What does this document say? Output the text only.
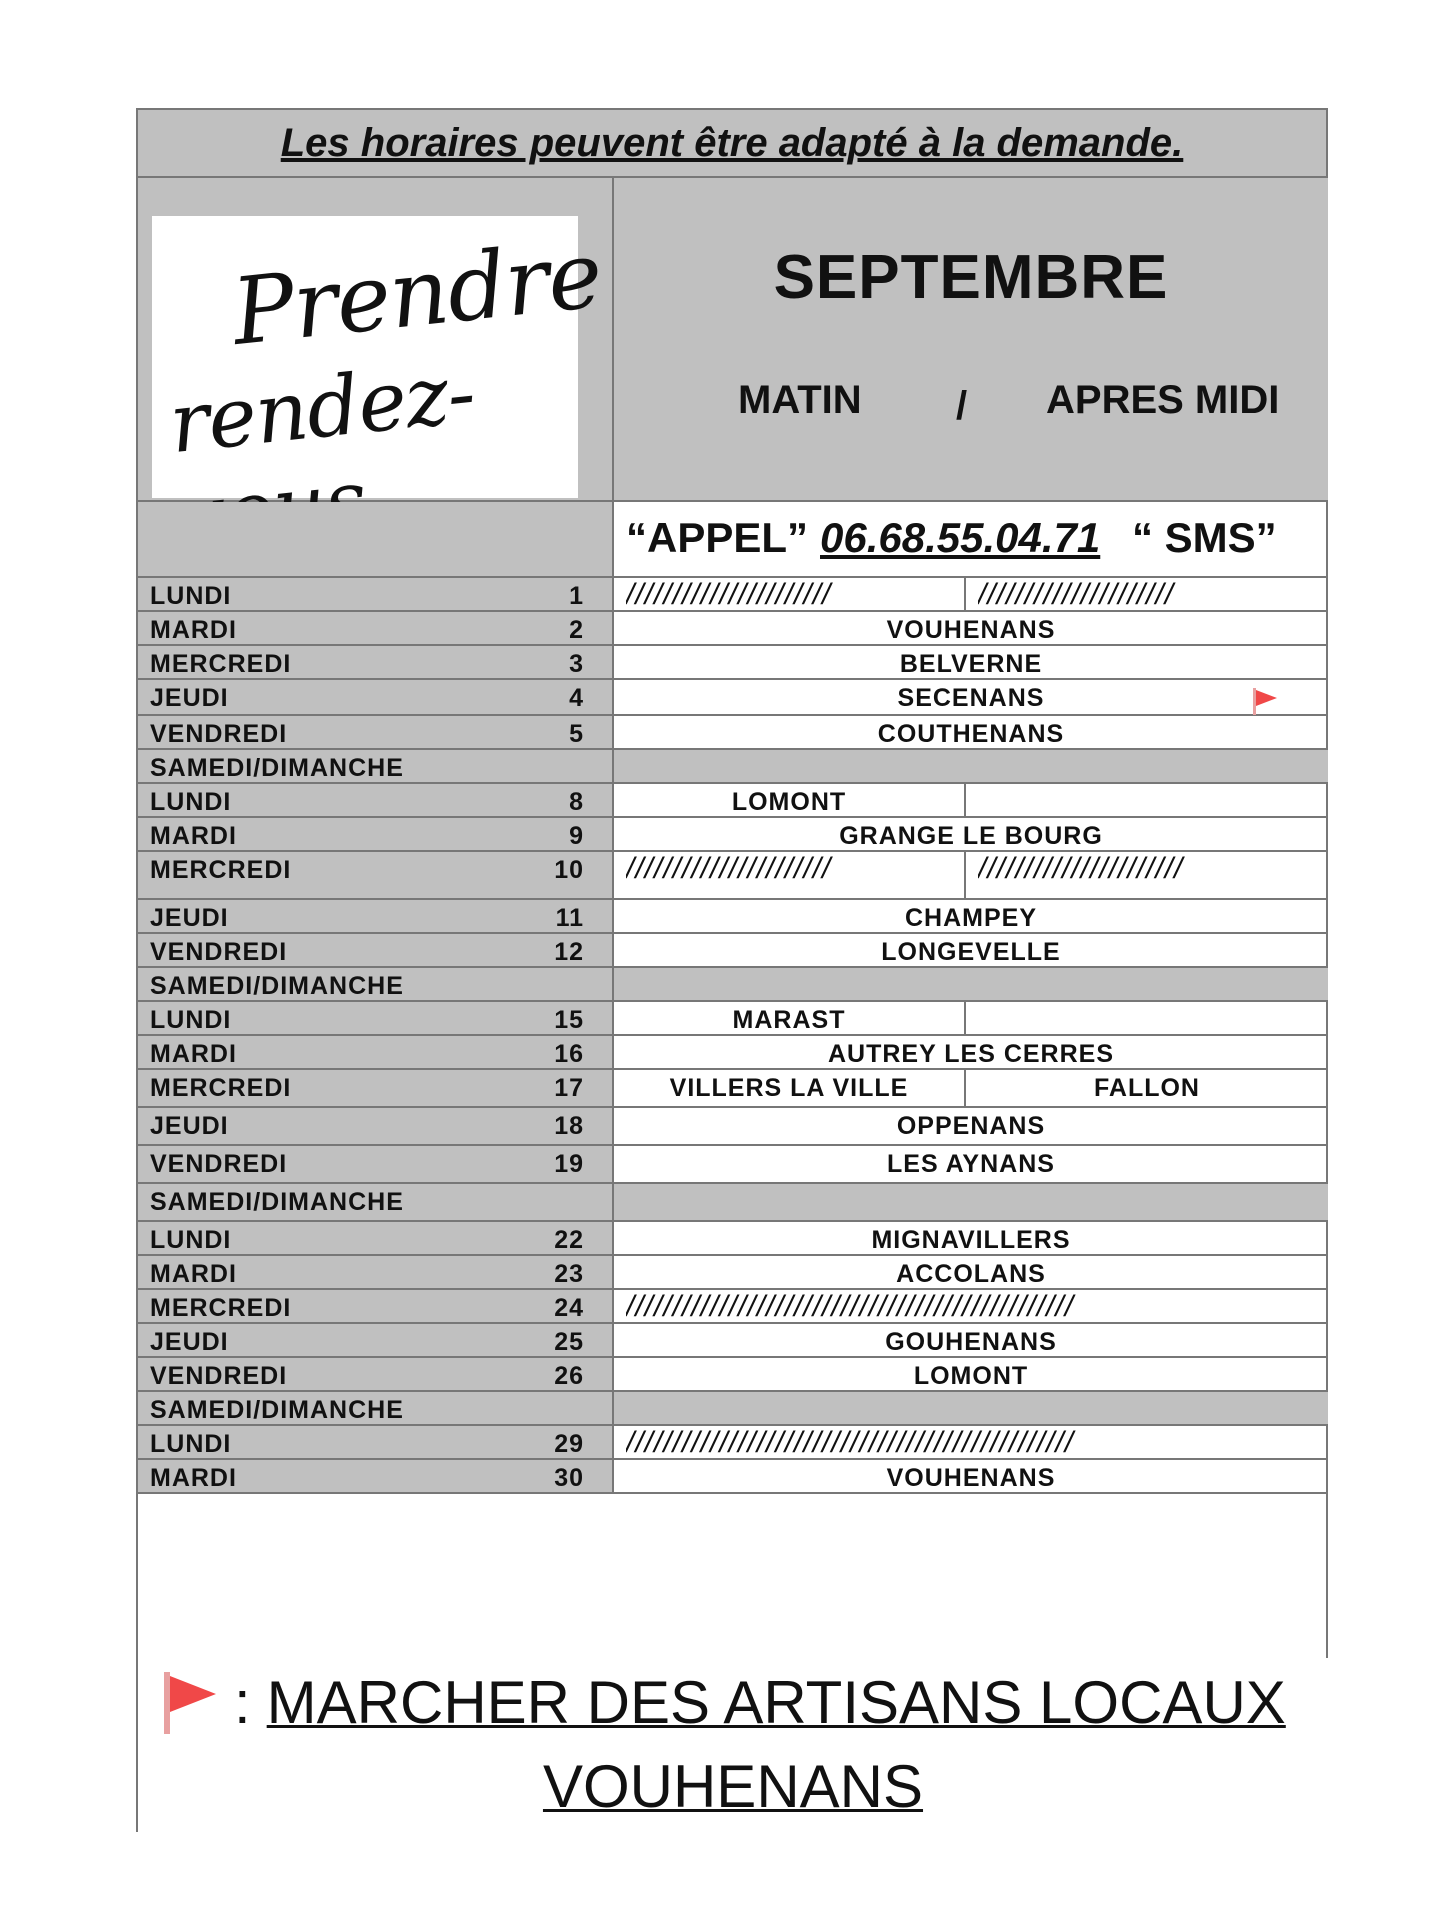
Les horaires peuvent être adapté à la demande.
Prendre
rendez-vous
SEPTEMBRE
MATIN / APRES MIDI
“APPEL” 06.68.55.04.71 “ SMS”
LUNDI	1 //////////////////////	/////////////////////
MARDI	2	VOUHENANS
MERCREDI	3	BELVERNE
JEUDI	4	SECENANS
VENDREDI	5	COUTHENANS
SAMEDI/DIMANCHE
LUNDI	8	LOMONT
MARDI	9	GRANGE LE BOURG
MERCREDI	10 //////////////////////	//////////////////////
JEUDI	11	CHAMPEY
VENDREDI	12	LONGEVELLE
SAMEDI/DIMANCHE
LUNDI	15	MARAST
MARDI	16	AUTREY LES CERRES
MERCREDI	17	VILLERS LA VILLE	FALLON
JEUDI	18	OPPENANS
VENDREDI	19	LES AYNANS
SAMEDI/DIMANCHE
LUNDI	22	MIGNAVILLERS
MARDI	23	ACCOLANS
MERCREDI	24 ////////////////////////////////////////////////
JEUDI	25	GOUHENANS
VENDREDI	26	LOMONT
SAMEDI/DIMANCHE
LUNDI	29 ////////////////////////////////////////////////
MARDI	30	VOUHENANS
: MARCHER DES ARTISANS LOCAUX
VOUHENANS
